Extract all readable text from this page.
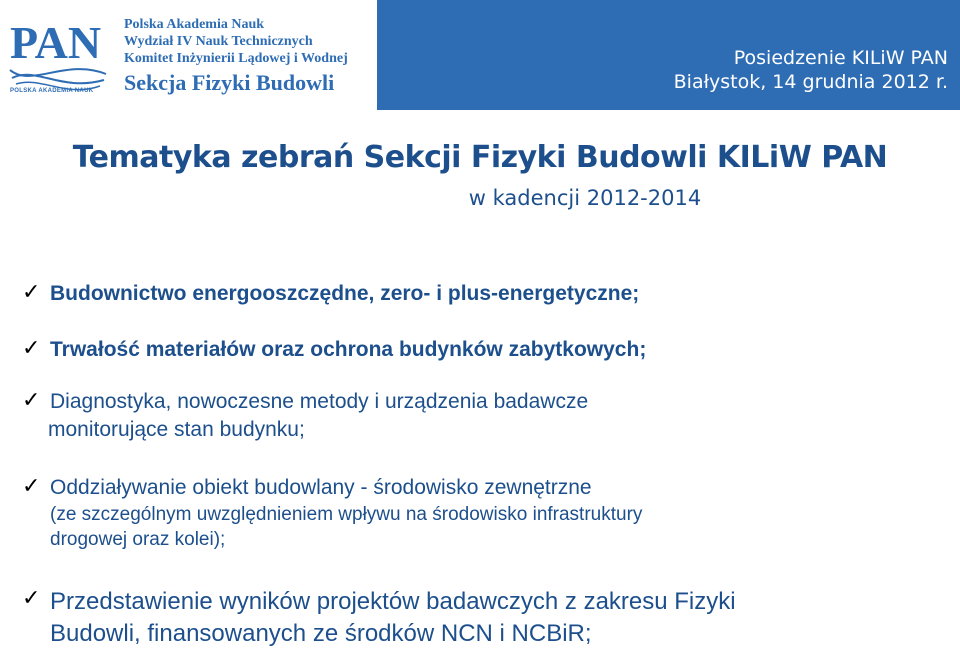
PAN
POLSKA AKADEMIA NAUK
Polska Akademia Nauk
Wydział IV Nauk Technicznych
Komitet Inżynierii Lądowej i Wodnej
Sekcja Fizyki Budowli
Posiedzenie KILiW PAN
Białystok, 14 grudnia 2012 r.
Tematyka zebrań Sekcji Fizyki Budowli KILiW PAN
w kadencji 2012-2014
✓ Budownictwo energooszczędne, zero- i plus-energetyczne;
✓ Trwałość materiałów oraz ochrona budynków zabytkowych;
✓ Diagnostyka, nowoczesne metody i urządzenia badawcze
monitorujące stan budynku;
✓ Oddziaływanie obiekt budowlany - środowisko zewnętrzne
(ze szczególnym uwzględnieniem wpływu na środowisko infrastruktury
drogowej oraz kolei);
✓ Przedstawienie wyników projektów badawczych z zakresu Fizyki
Budowli, finansowanych ze środków NCN i NCBiR;
